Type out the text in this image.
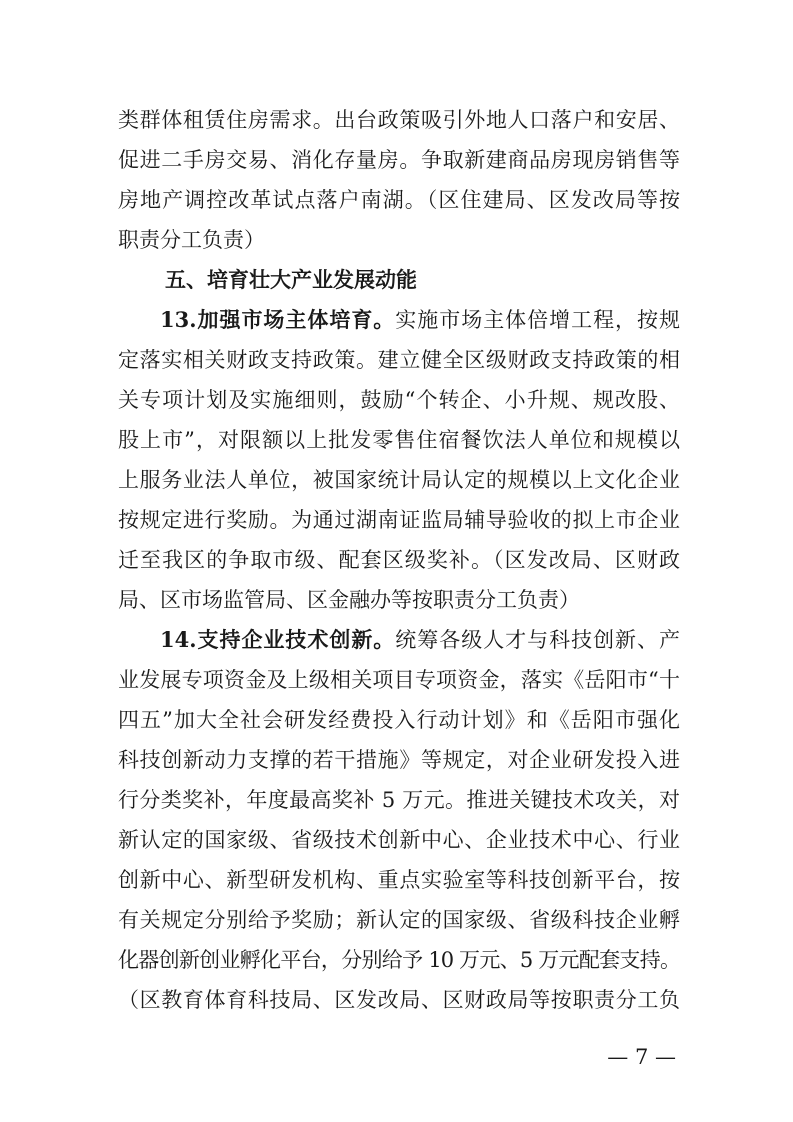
类群体租赁住房需求。出台政策吸引外地人口落户和安居、
促进二手房交易、消化存量房。争取新建商品房现房销售等
房地产调控改革试点落户南湖。（区住建局、区发改局等按
职责分工负责）
五、培育壮大产业发展动能
13.加强市场主体培育。实施市场主体倍增工程，按规
定落实相关财政支持政策。建立健全区级财政支持政策的相
关专项计划及实施细则，鼓励“个转企、小升规、规改股、
股上市”，对限额以上批发零售住宿餐饮法人单位和规模以
上服务业法人单位，被国家统计局认定的规模以上文化企业
按规定进行奖励。为通过湖南证监局辅导验收的拟上市企业
迁至我区的争取市级、配套区级奖补。（区发改局、区财政
局、区市场监管局、区金融办等按职责分工负责）
14.支持企业技术创新。统筹各级人才与科技创新、产
业发展专项资金及上级相关项目专项资金，落实《岳阳市“十
四五”加大全社会研发经费投入行动计划》和《岳阳市强化
科技创新动力支撑的若干措施》等规定，对企业研发投入进
行分类奖补，年度最高奖补 5 万元。推进关键技术攻关，对
新认定的国家级、省级技术创新中心、企业技术中心、行业
创新中心、新型研发机构、重点实验室等科技创新平台，按
有关规定分别给予奖励；新认定的国家级、省级科技企业孵
化器创新创业孵化平台，分别给予 10 万元、5 万元配套支持。
（区教育体育科技局、区发改局、区财政局等按职责分工负
— 7 —
